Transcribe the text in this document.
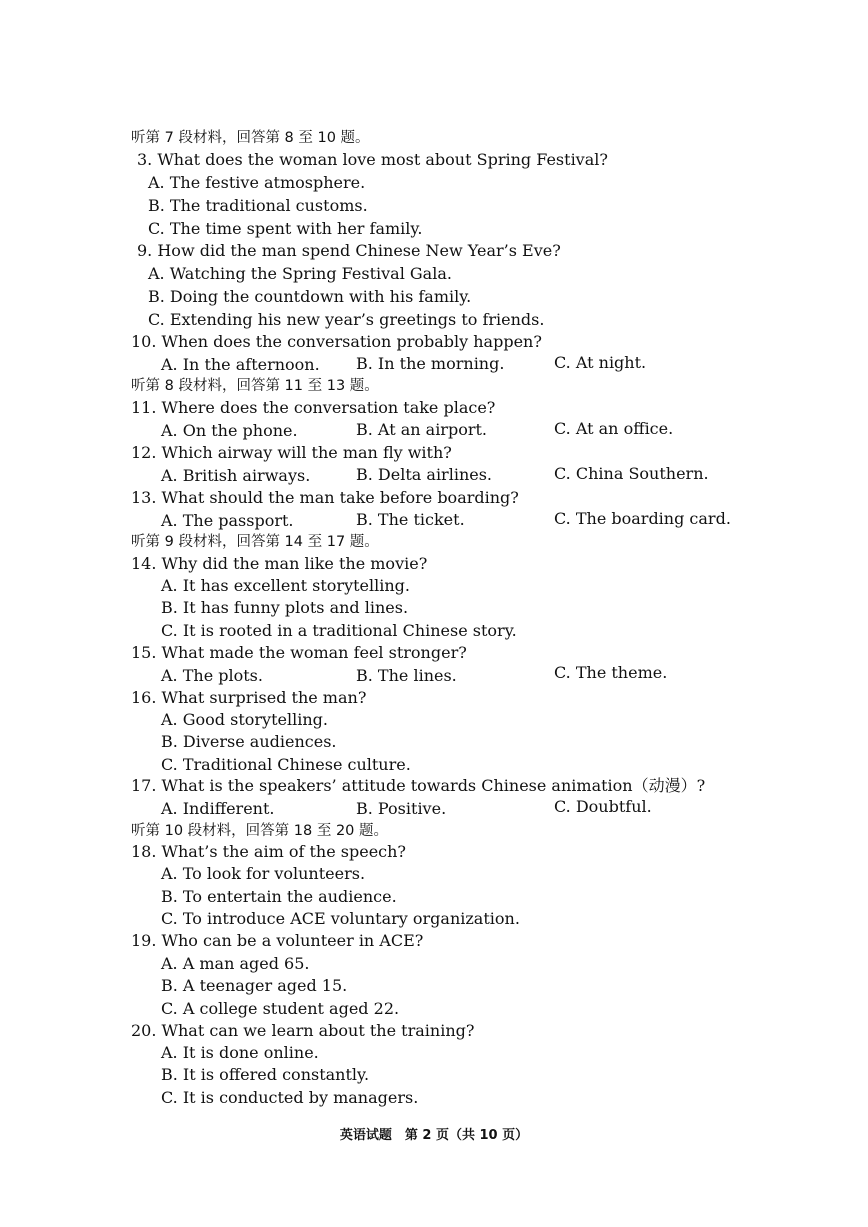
听第 7 段材料，回答第 8 至 10 题。
3. What does the woman love most about Spring Festival?
A. The festive atmosphere.
B. The traditional customs.
C. The time spent with her family.
9. How did the man spend Chinese New Year’s Eve?
A. Watching the Spring Festival Gala.
B. Doing the countdown with his family.
C. Extending his new year’s greetings to friends.
10. When does the conversation probably happen?
A. In the afternoon. B. In the morning.	C. At night.
听第 8 段材料，回答第 11 至 13 题。
11. Where does the conversation take place?
A. On the phone.	B. At an airport.	C. At an office.
12. Which airway will the man fly with?
A. British airways.	B. Delta airlines.	C. China Southern.
13. What should the man take before boarding?
A. The passport.	B. The ticket.	C. The boarding card.
听第 9 段材料，回答第 14 至 17 题。
14. Why did the man like the movie?
A. It has excellent storytelling.
B. It has funny plots and lines.
C. It is rooted in a traditional Chinese story.
15. What made the woman feel stronger?
A. The plots.	B. The lines.	C. The theme.
16. What surprised the man?
A. Good storytelling.
B. Diverse audiences.
C. Traditional Chinese culture.
17. What is the speakers’ attitude towards Chinese animation（动漫）?
A. Indifferent.	B. Positive.	C. Doubtful.
听第 10 段材料，回答第 18 至 20 题。
18. What’s the aim of the speech?
A. To look for volunteers.
B. To entertain the audience.
C. To introduce ACE voluntary organization.
19. Who can be a volunteer in ACE?
A. A man aged 65.
B. A teenager aged 15.
C. A college student aged 22.
20. What can we learn about the training?
A. It is done online.
B. It is offered constantly.
C. It is conducted by managers.
英语试题　第 2 页（共 10 页）
